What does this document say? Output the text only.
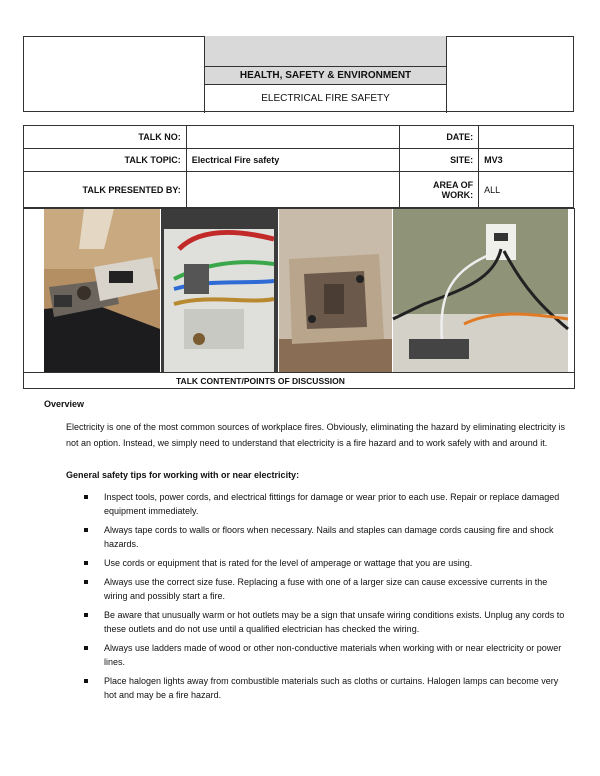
HEALTH, SAFETY & ENVIRONMENT
ELECTRICAL FIRE SAFETY
TALK NO:		DATE:	
TALK TOPIC:	Electrical Fire safety	SITE:	MV3
TALK PRESENTED BY:		AREA OF WORK:	ALL
TALK CONTENT/POINTS OF DISCUSSION
Overview
Electricity is one of the most common sources of workplace fires. Obviously, eliminating the hazard by eliminating electricity is not an option. Instead, we simply need to understand that electricity is a fire hazard and to work safely with and around it.
General safety tips for working with or near electricity:
Inspect tools, power cords, and electrical fittings for damage or wear prior to each use. Repair or replace damaged equipment immediately.
Always tape cords to walls or floors when necessary. Nails and staples can damage cords causing fire and shock hazards.
Use cords or equipment that is rated for the level of amperage or wattage that you are using.
Always use the correct size fuse. Replacing a fuse with one of a larger size can cause excessive currents in the wiring and possibly start a fire.
Be aware that unusually warm or hot outlets may be a sign that unsafe wiring conditions exists. Unplug any cords to these outlets and do not use until a qualified electrician has checked the wiring.
Always use ladders made of wood or other non-conductive materials when working with or near electricity or power lines.
Place halogen lights away from combustible materials such as cloths or curtains. Halogen lamps can become very hot and may be a fire hazard.
